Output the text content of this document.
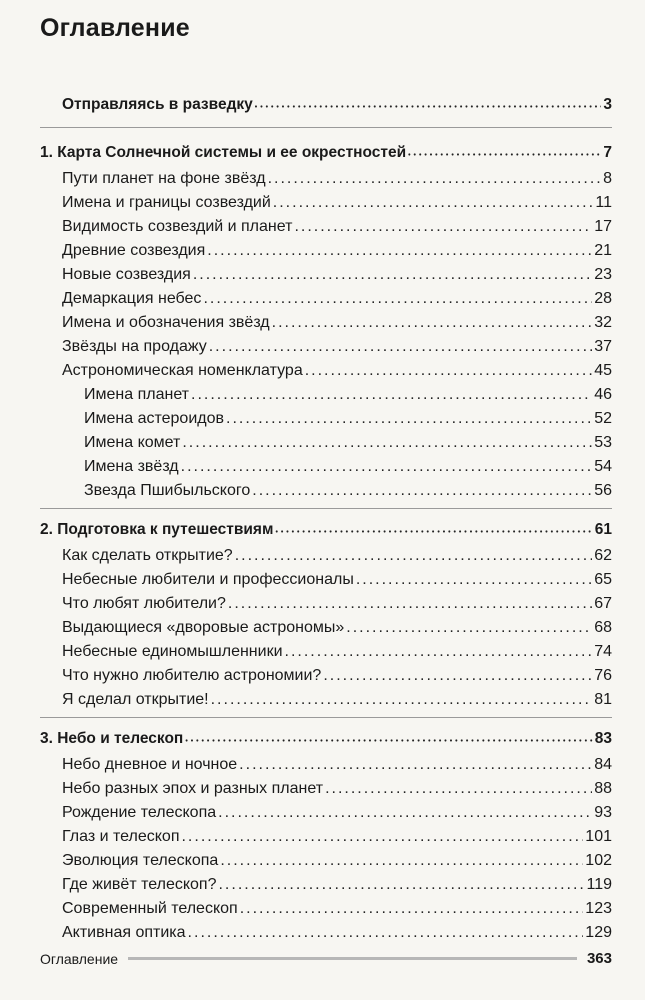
Оглавление
Отправляясь в разведку • • •	3
1. Карта Солнечной системы и ее окрестностей • • •	7
Пути планет на фоне звёзд .....	8
Имена и границы созвездий .....	11
Видимость созвездий и планет .....	17
Древние созвездия .....	21
Новые созвездия .....	23
Демаркация небес .....	28
Имена и обозначения звёзд .....	32
Звёзды на продажу .....	37
Астрономическая номенклатура .....	45
Имена планет .....	46
Имена астероидов .....	52
Имена комет .....	53
Имена звёзд .....	54
Звезда Пшибыльского .....	56
2. Подготовка к путешествиям • • •	61
Как сделать открытие? .....	62
Небесные любители и профессионалы .....	65
Что любят любители? .....	67
Выдающиеся «дворовые астрономы» .....	68
Небесные единомышленники .....	74
Что нужно любителю астрономии? .....	76
Я сделал открытие! .....	81
3. Небо и телескоп • • •	83
Небо дневное и ночное .....	84
Небо разных эпох и разных планет .....	88
Рождение телескопа .....	93
Глаз и телескоп .....	101
Эволюция телескопа .....	102
Где живёт телескоп? .....	119
Современный телескоп .....	123
Активная оптика .....	129
Оглавление	363
